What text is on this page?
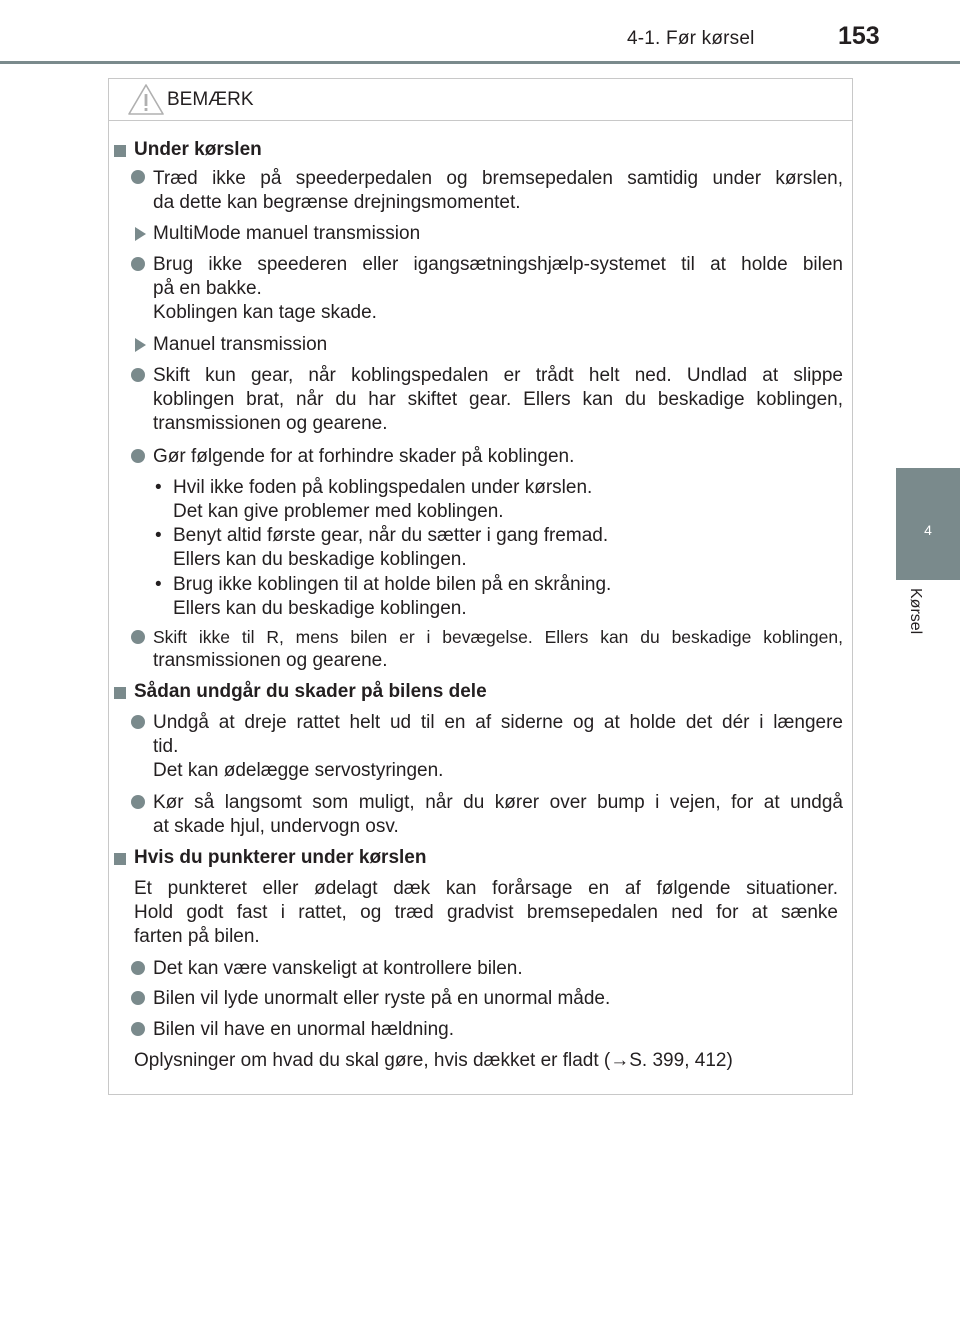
4-1. Før kørsel	153
4
Kørsel
BEMÆRK
Under kørslen
Træd ikke på speederpedalen og bremsepedalen samtidig under kørslen,
da dette kan begrænse drejningsmomentet.
MultiMode manuel transmission
Brug ikke speederen eller igangsætningshjælp-systemet til at holde bilen
på en bakke.
Koblingen kan tage skade.
Manuel transmission
Skift kun gear, når koblingspedalen er trådt helt ned. Undlad at slippe
koblingen brat, når du har skiftet gear. Ellers kan du beskadige koblingen,
transmissionen og gearene.
Gør følgende for at forhindre skader på koblingen.
• Hvil ikke foden på koblingspedalen under kørslen.
Det kan give problemer med koblingen.
• Benyt altid første gear, når du sætter i gang fremad.
Ellers kan du beskadige koblingen.
• Brug ikke koblingen til at holde bilen på en skråning.
Ellers kan du beskadige koblingen.
Skift ikke til R, mens bilen er i bevægelse. Ellers kan du beskadige koblingen,
transmissionen og gearene.
Sådan undgår du skader på bilens dele
Undgå at dreje rattet helt ud til en af siderne og at holde det dér i længere
tid.
Det kan ødelægge servostyringen.
Kør så langsomt som muligt, når du kører over bump i vejen, for at undgå
at skade hjul, undervogn osv.
Hvis du punkterer under kørslen
Et punkteret eller ødelagt dæk kan forårsage en af følgende situationer.
Hold godt fast i rattet, og træd gradvist bremsepedalen ned for at sænke
farten på bilen.
Det kan være vanskeligt at kontrollere bilen.
Bilen vil lyde unormalt eller ryste på en unormal måde.
Bilen vil have en unormal hældning.
Oplysninger om hvad du skal gøre, hvis dækket er fladt (→S. 399, 412)
